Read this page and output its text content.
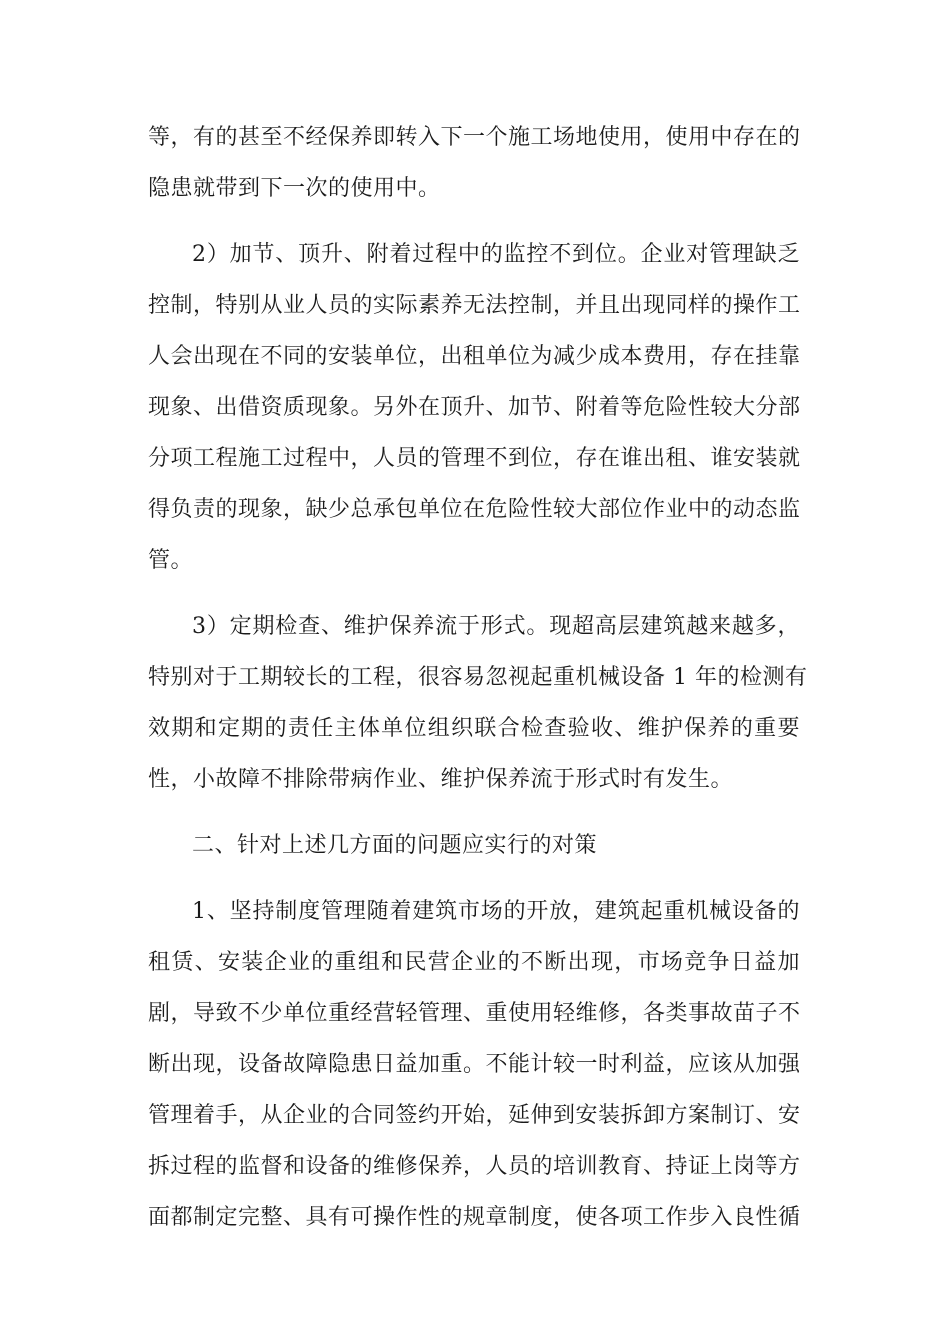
等，有的甚至不经保养即转入下一个施工场地使用，使用中存在的
隐患就带到下一次的使用中。
2）加节、顶升、附着过程中的监控不到位。企业对管理缺乏
控制，特别从业人员的实际素养无法控制，并且出现同样的操作工
人会出现在不同的安装单位，出租单位为减少成本费用，存在挂靠
现象、出借资质现象。另外在顶升、加节、附着等危险性较大分部
分项工程施工过程中，人员的管理不到位，存在谁出租、谁安装就
得负责的现象，缺少总承包单位在危险性较大部位作业中的动态监
管。
3）定期检查、维护保养流于形式。现超高层建筑越来越多，
特别对于工期较长的工程，很容易忽视起重机械设备 1 年的检测有
效期和定期的责任主体单位组织联合检查验收、维护保养的重要
性，小故障不排除带病作业、维护保养流于形式时有发生。
二、针对上述几方面的问题应实行的对策
1、坚持制度管理随着建筑市场的开放，建筑起重机械设备的
租赁、安装企业的重组和民营企业的不断出现，市场竞争日益加
剧，导致不少单位重经营轻管理、重使用轻维修，各类事故苗子不
断出现，设备故障隐患日益加重。不能计较一时利益，应该从加强
管理着手，从企业的合同签约开始，延伸到安装拆卸方案制订、安
拆过程的监督和设备的维修保养，人员的培训教育、持证上岗等方
面都制定完整、具有可操作性的规章制度，使各项工作步入良性循
